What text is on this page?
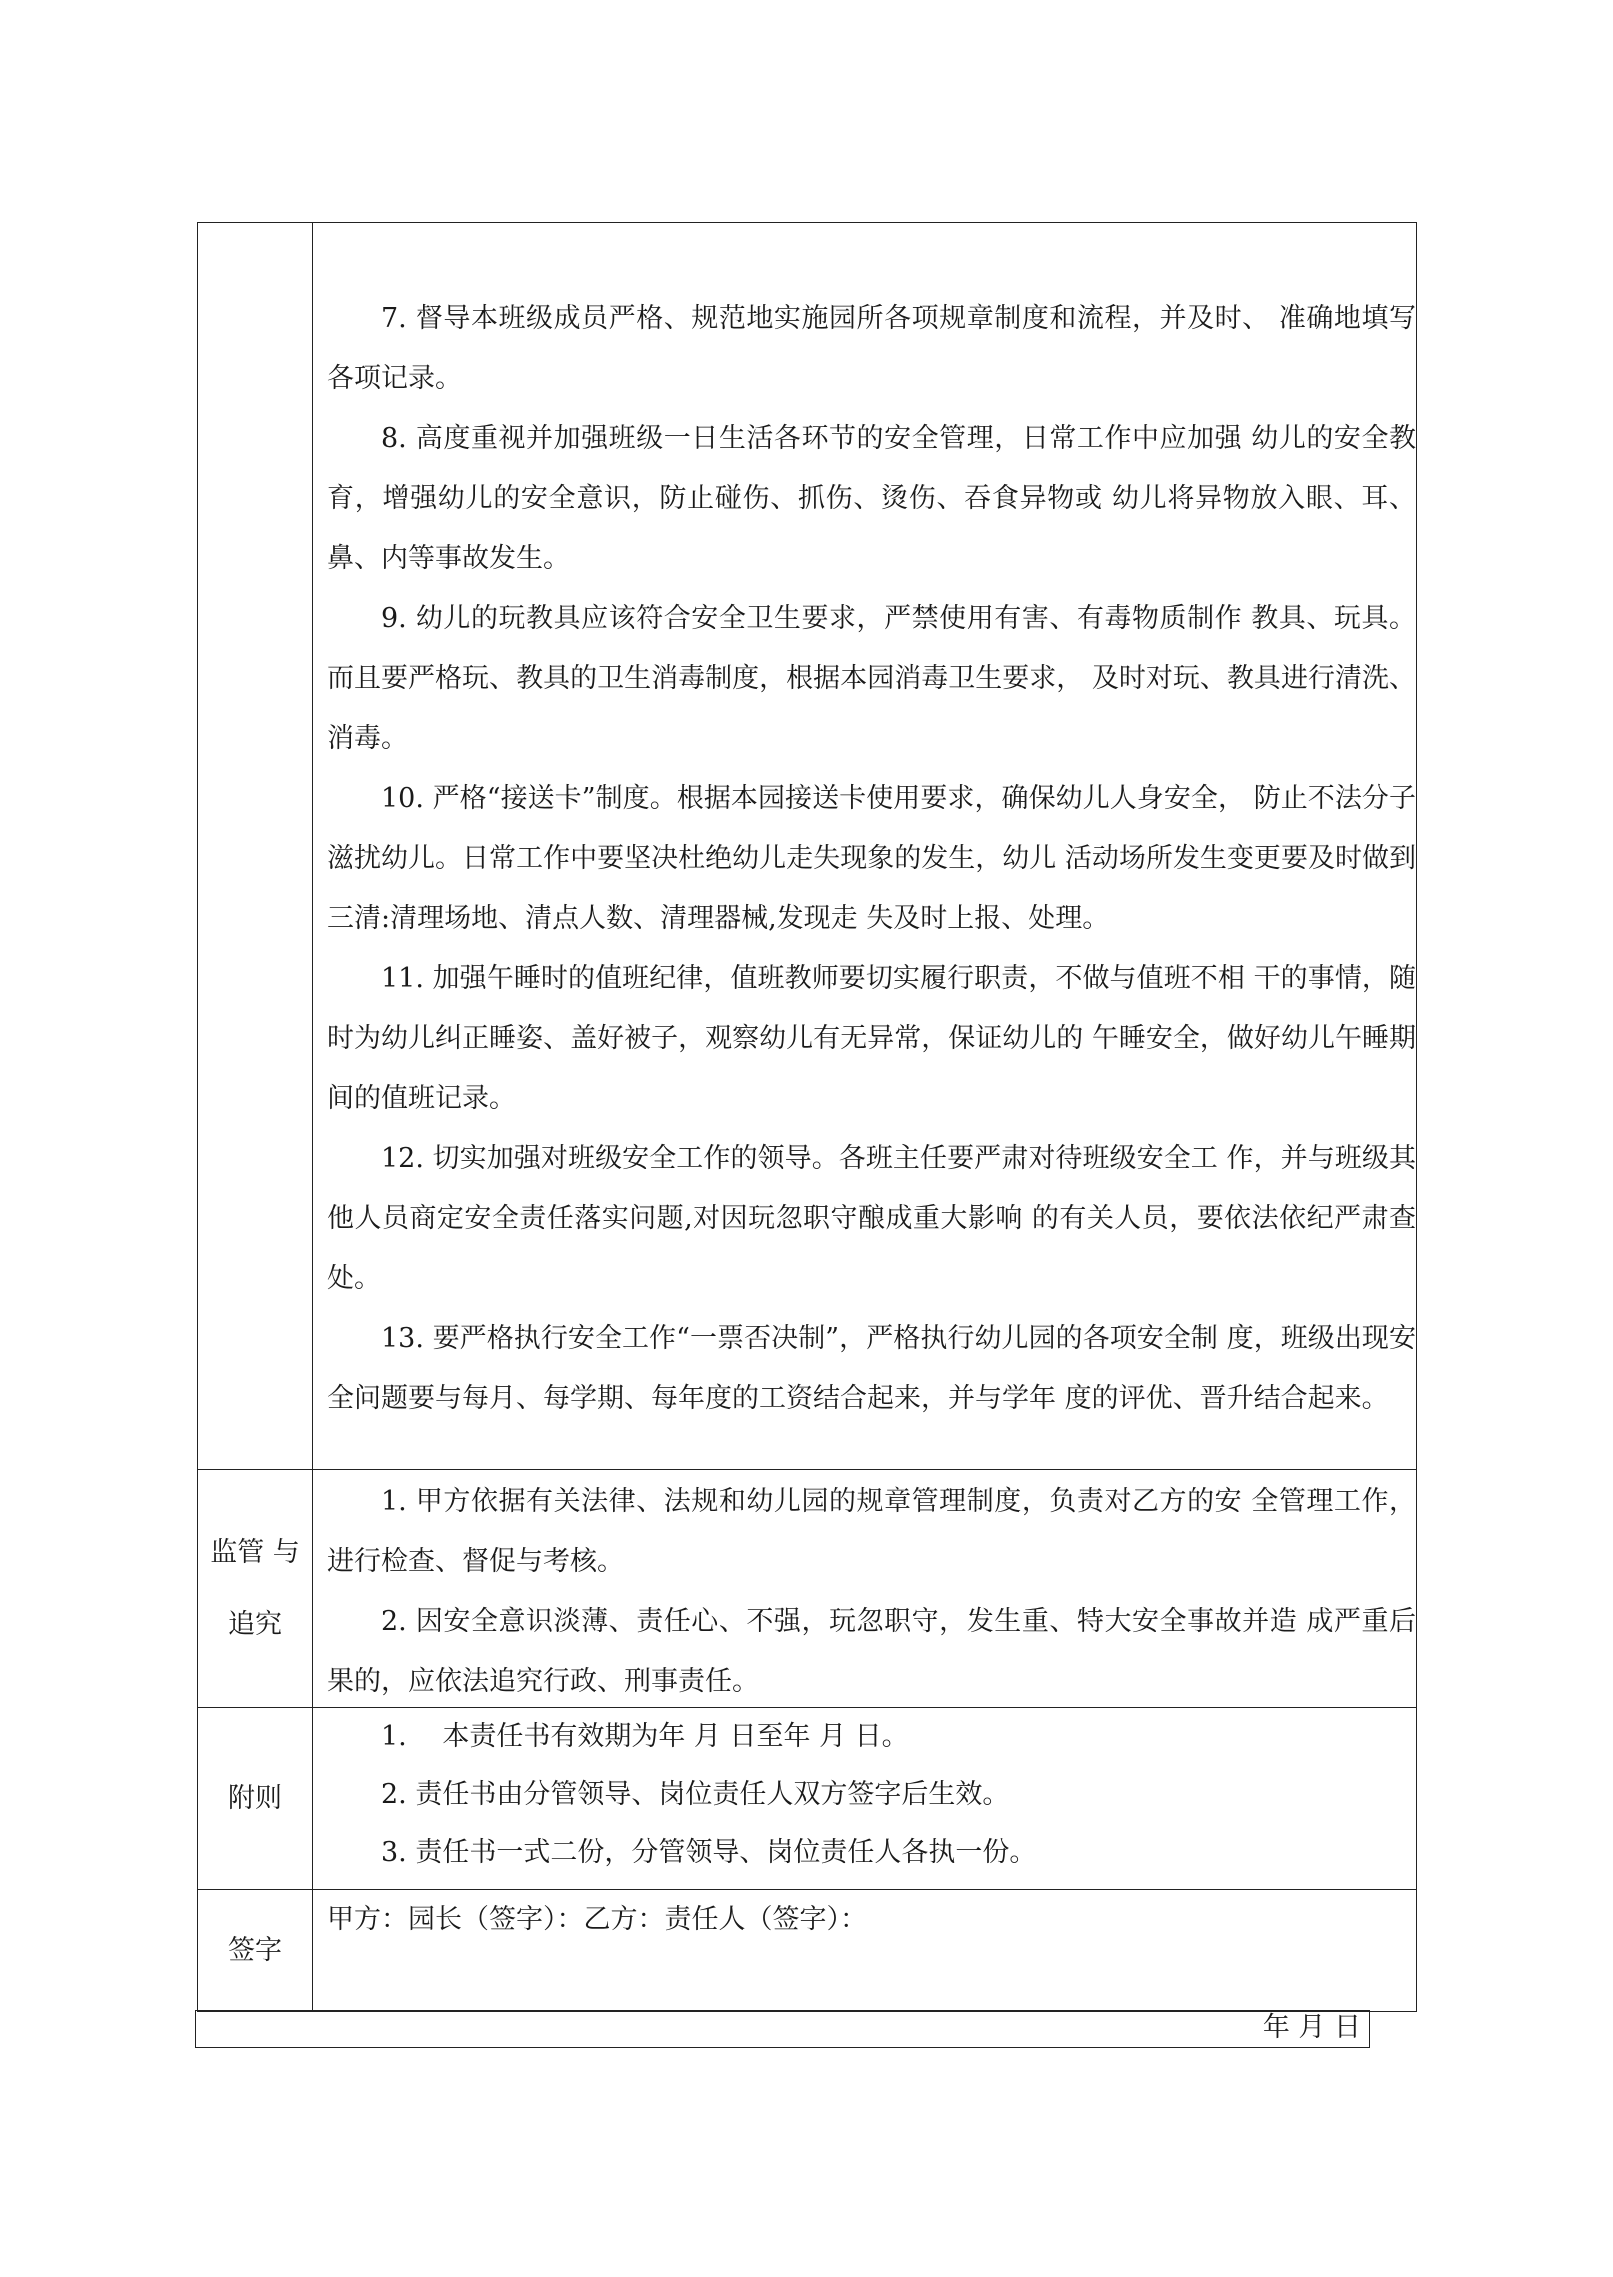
7. 督导本班级成员严格、规范地实施园所各项规章制度和流程，并及时、 准确地填写各项记录。

8. 高度重视并加强班级一日生活各环节的安全管理，日常工作中应加强 幼儿的安全教育，增强幼儿的安全意识，防止碰伤、抓伤、烫伤、吞食异物或 幼儿将异物放入眼、耳、鼻、内等事故发生。

9. 幼儿的玩教具应该符合安全卫生要求，严禁使用有害、有毒物质制作 教具、玩具。而且要严格玩、教具的卫生消毒制度，根据本园消毒卫生要求， 及时对玩、教具进行清洗、消毒。

10. 严格“接送卡”制度。根据本园接送卡使用要求，确保幼儿人身安全， 防止不法分子滋扰幼儿。日常工作中要坚决杜绝幼儿走失现象的发生，幼儿 活动场所发生变更要及时做到三清:清理场地、清点人数、清理器械,发现走 失及时上报、处理。

11. 加强午睡时的值班纪律，值班教师要切实履行职责，不做与值班不相 干的事情，随时为幼儿纠正睡姿、盖好被子，观察幼儿有无异常，保证幼儿的 午睡安全，做好幼儿午睡期间的值班记录。

12. 切实加强对班级安全工作的领导。各班主任要严肃对待班级安全工 作，并与班级其他人员商定安全责任落实问题,对因玩忽职守酿成重大影响 的有关人员，要依法依纪严肃查处。

13. 要严格执行安全工作“一票否决制”，严格执行幼儿园的各项安全制 度，班级出现安全问题要与每月、每学期、每年度的工资结合起来，并与学年 度的评优、晋升结合起来。

监管 与
追究

1. 甲方依据有关法律、法规和幼儿园的规章管理制度，负责对乙方的安 全管理工作，进行检查、督促与考核。

2. 因安全意识淡薄、责任心、不强，玩忽职守，发生重、特大安全事故并造 成严重后果的，应依法追究行政、刑事责任。

附则

1.　 本责任书有效期为年 月 日至年 月 日。

2. 责任书由分管领导、岗位责任人双方签字后生效。

3. 责任书一式二份，分管领导、岗位责任人各执一份。

签字
甲方：园长（签字）：乙方：责任人（签字）：
年 月 日
